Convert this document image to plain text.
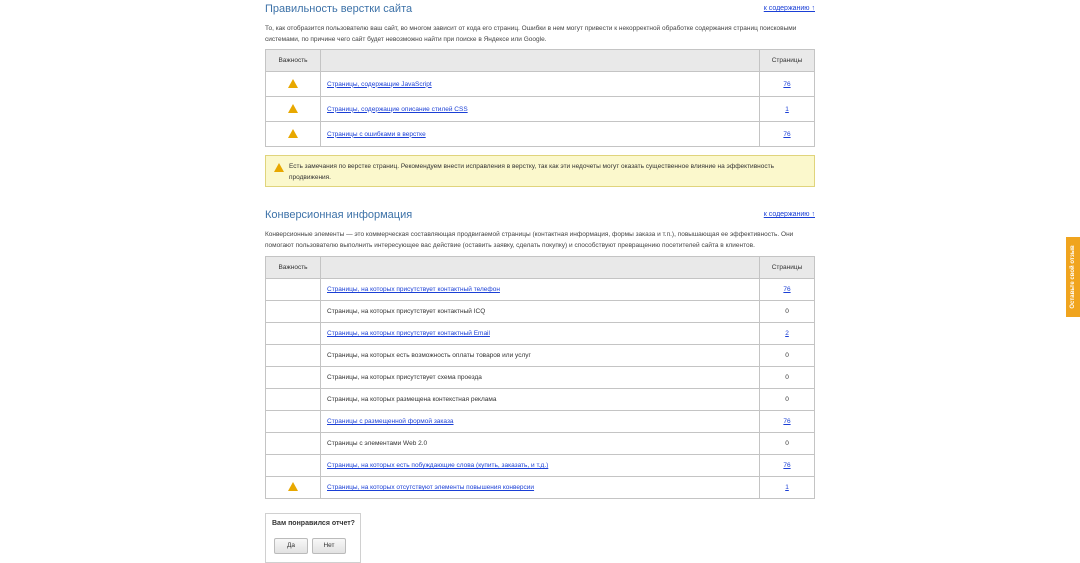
Правильность верстки сайта	к содержанию ↑

То, как отобразится пользователю ваш сайт, во многом зависит от кода его страниц. Ошибки в нем могут привести к некорректной обработке содержания страниц поисковыми системами, по причине чего сайт будет невозможно найти при поиске в Яндексе или Google.

Важность		Страницы
	Страницы, содержащие JavaScript	76
	Страницы, содержащие описание стилей CSS	1
	Страницы с ошибками в верстке	76
Есть замечания по верстке страниц. Рекомендуем внести исправления в верстку, так как эти недочеты могут оказать существенное влияние на эффективность продвижения.
Конверсионная информация	к содержанию ↑

Конверсионные элементы — это коммерческая составляющая продвигаемой страницы (контактная информация, формы заказа и т.п.), повышающая ее эффективность. Они помогают пользователю выполнить интересующее вас действие (оставить заявку, сделать покупку) и способствуют превращению посетителей сайта в клиентов.

Важность		Страницы
	Страницы, на которых присутствует контактный телефон	76
	Страницы, на которых присутствует контактный ICQ	0
	Страницы, на которых присутствует контактный Email	2
	Страницы, на которых есть возможность оплаты товаров или услуг	0
	Страницы, на которых присутствует схема проезда	0
	Страницы, на которых размещена контекстная реклама	0
	Страницы с размещенной формой заказа	76
	Страницы с элементами Web 2.0	0
	Страницы, на которых есть побуждающие слова (купить, заказать, и т.д.)	76
	Страницы, на которых отсутствуют элементы повышения конверсии	1
Вам понравился отчет?
Да	Нет
Оставьте свой отзыв
